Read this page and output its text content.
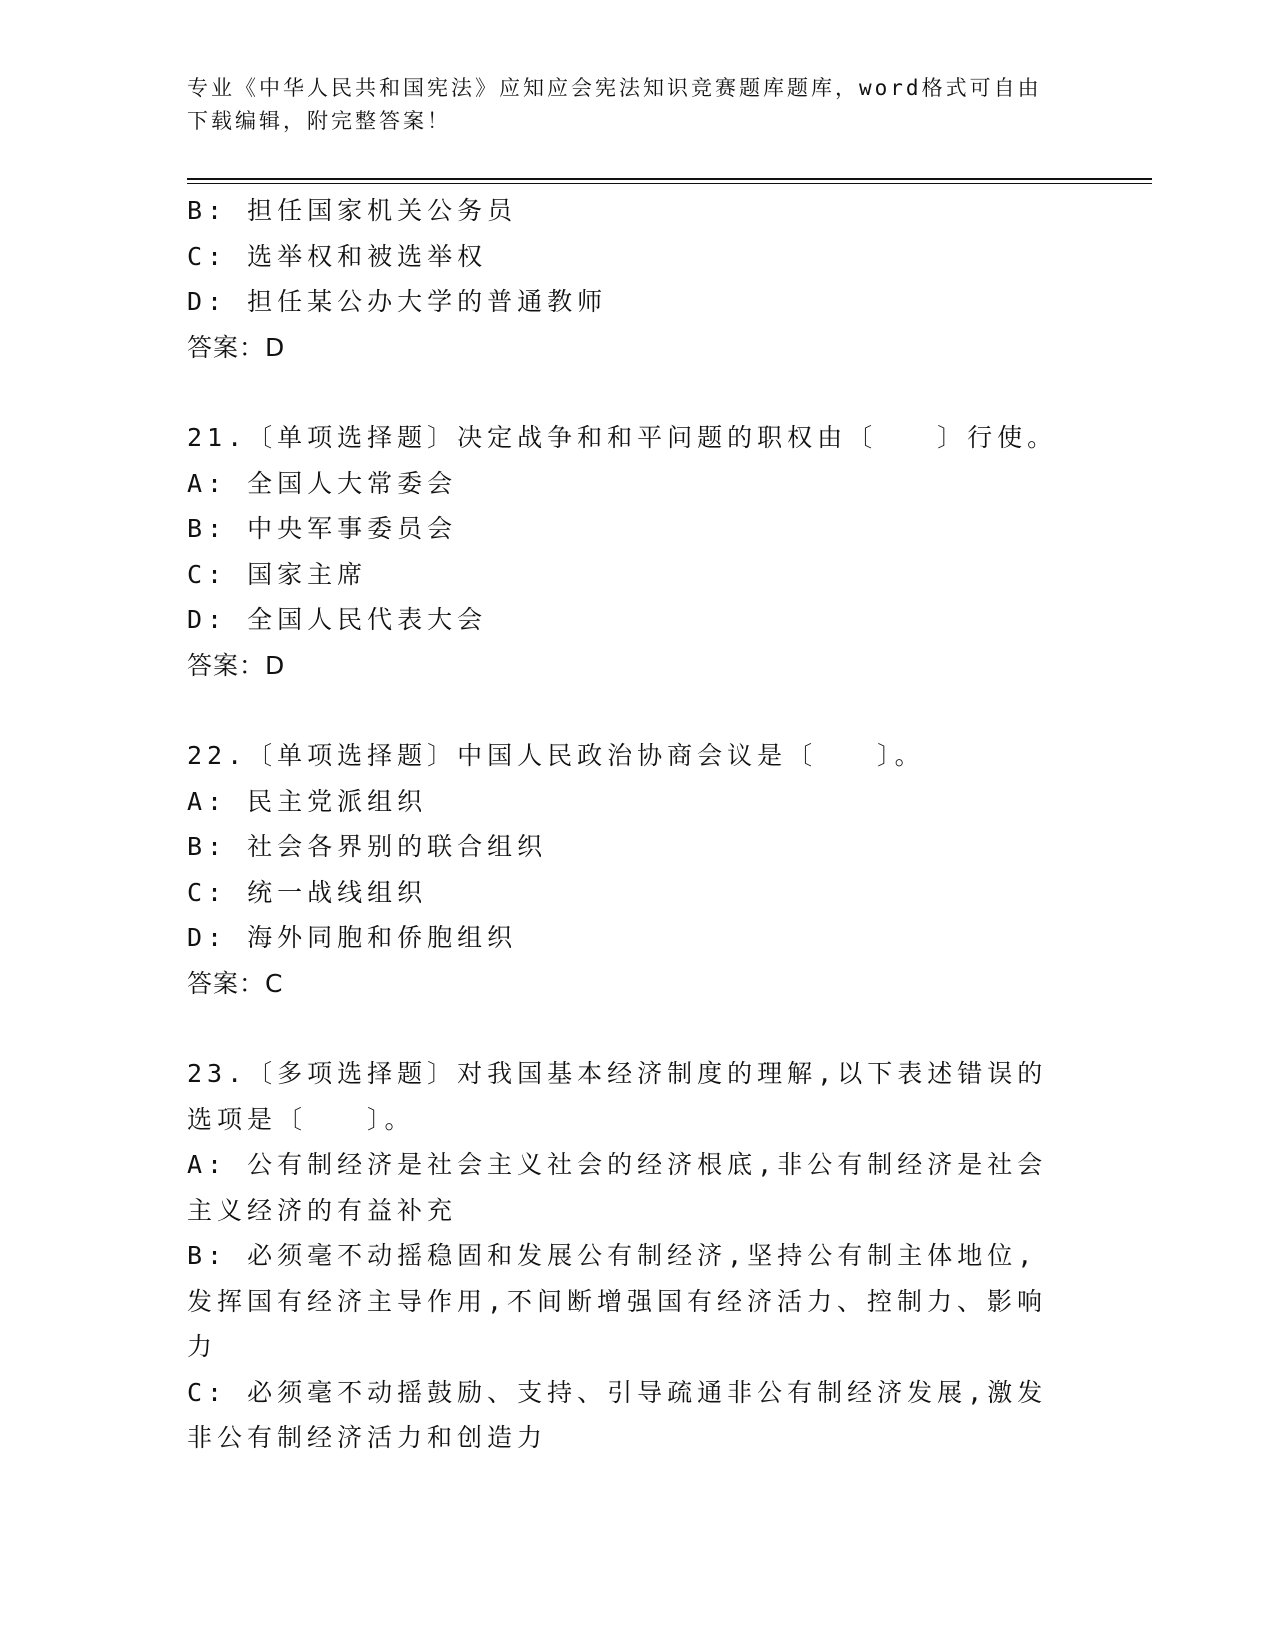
专业《中华人民共和国宪法》应知应会宪法知识竞赛题库题库，word格式可自由
下载编辑，附完整答案！
B: 担任国家机关公务员
C: 选举权和被选举权
D: 担任某公办大学的普通教师
答案：D
21.〔单项选择题〕决定战争和和平问题的职权由〔　　〕行使。
A: 全国人大常委会
B: 中央军事委员会
C: 国家主席
D: 全国人民代表大会
答案：D
22.〔单项选择题〕中国人民政治协商会议是〔　　〕。
A: 民主党派组织
B: 社会各界别的联合组织
C: 统一战线组织
D: 海外同胞和侨胞组织
答案：C
23.〔多项选择题〕对我国基本经济制度的理解,以下表述错误的选项是〔　　〕。
A: 公有制经济是社会主义社会的经济根底,非公有制经济是社会主义经济的有益补充
B: 必须毫不动摇稳固和发展公有制经济,坚持公有制主体地位,发挥国有经济主导作用,不间断增强国有经济活力、控制力、影响力
C: 必须毫不动摇鼓励、支持、引导疏通非公有制经济发展,激发非公有制经济活力和创造力
